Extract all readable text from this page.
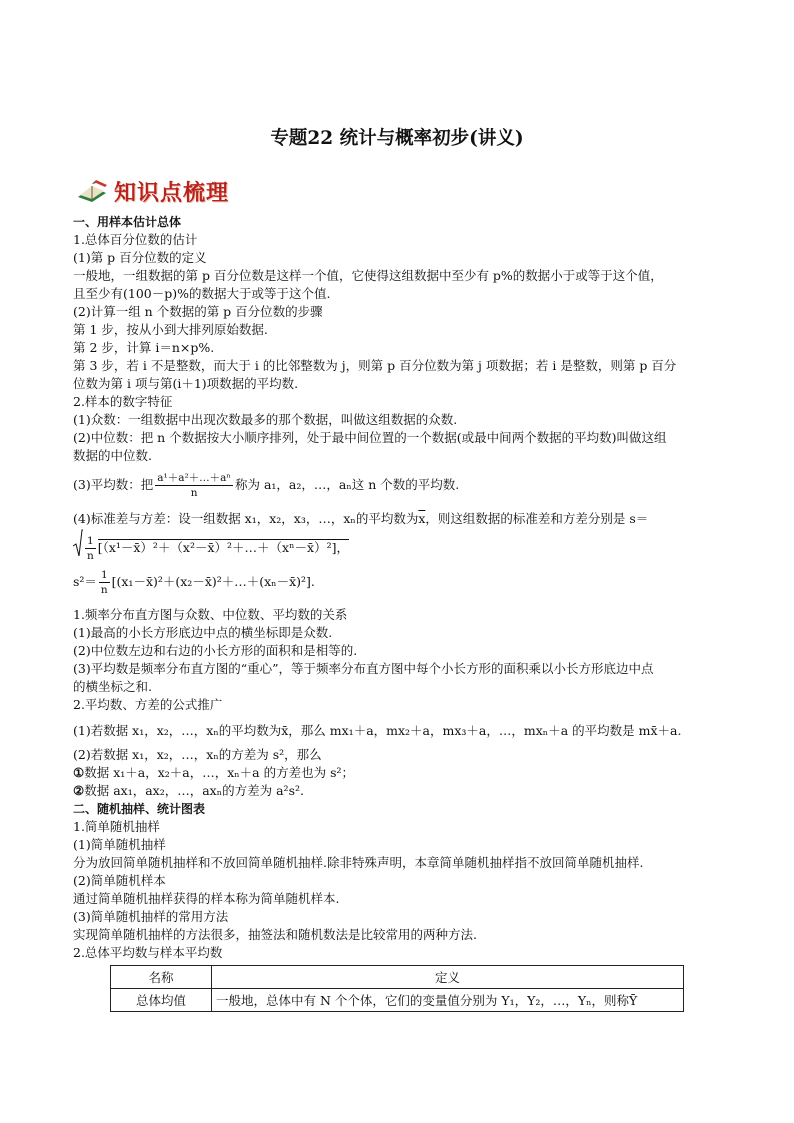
专题22 统计与概率初步(讲义)
知识点梳理
一、用样本估计总体
1.总体百分位数的估计
(1)第 p 百分位数的定义
一般地，一组数据的第 p 百分位数是这样一个值，它使得这组数据中至少有 p%的数据小于或等于这个值，
且至少有(100－p)%的数据大于或等于这个值.
(2)计算一组 n 个数据的第 p 百分位数的步骤
第 1 步，按从小到大排列原始数据.
第 2 步，计算 i＝n×p%.
第 3 步，若 i 不是整数，而大于 i 的比邻整数为 j，则第 p 百分位数为第 j 项数据；若 i 是整数，则第 p 百分
位数为第 i 项与第(i＋1)项数据的平均数.
2.样本的数字特征
(1)众数：一组数据中出现次数最多的那个数据，叫做这组数据的众数.
(2)中位数：把 n 个数据按大小顺序排列，处于最中间位置的一个数据(或最中间两个数据的平均数)叫做这组
数据的中位数.
(3)平均数：把 $\frac{\text{a¹＋a²＋…＋aⁿ}}{n}$ 称为 a₁，a₂，…，aₙ这 n 个数的平均数.
(4)标准差与方差：设一组数据 x₁，x₂，x₃，…，xₙ的平均数为$\overline{x}$，则这组数据的标准差和方差分别是 s＝
$\frac{1}{n}$ [（x¹－x̄）²＋（x²－x̄）²＋…＋（xⁿ－x̄）²]，
$s^2= \frac{1}{n}$ [(x₁－x̄)²＋(x₂－x̄)²＋…＋(xₙ－x̄)²].
1.频率分布直方图与众数、中位数、平均数的关系
(1)最高的小长方形底边中点的横坐标即是众数.
(2)中位数左边和右边的小长方形的面积和是相等的.
(3)平均数是频率分布直方图的“重心”，等于频率分布直方图中每个小长方形的面积乘以小长方形底边中点
的横坐标之和.
2.平均数、方差的公式推广
(1)若数据 x₁，x₂，…，xₙ的平均数为x̄，那么 mx₁＋a，mx₂＋a，mx₃＋a，…，mxₙ＋a 的平均数是 mx̄＋a.
(2)若数据 x₁，x₂，…，xₙ的方差为 s²，那么
①数据 x₁＋a，x₂＋a，…，xₙ＋a 的方差也为 s²；
②数据 ax₁，ax₂，…，axₙ的方差为 a²s².
二、随机抽样、统计图表
1.简单随机抽样
(1)简单随机抽样
分为放回简单随机抽样和不放回简单随机抽样.除非特殊声明，本章简单随机抽样指不放回简单随机抽样.
(2)简单随机样本
通过简单随机抽样获得的样本称为简单随机样本.
(3)简单随机抽样的常用方法
实现简单随机抽样的方法很多，抽签法和随机数法是比较常用的两种方法.
2.总体平均数与样本平均数
名称	定义
总体均值	一般地，总体中有 N 个个体，它们的变量值分别为 Y₁，Y₂，…，Yₙ，则称Ȳ
